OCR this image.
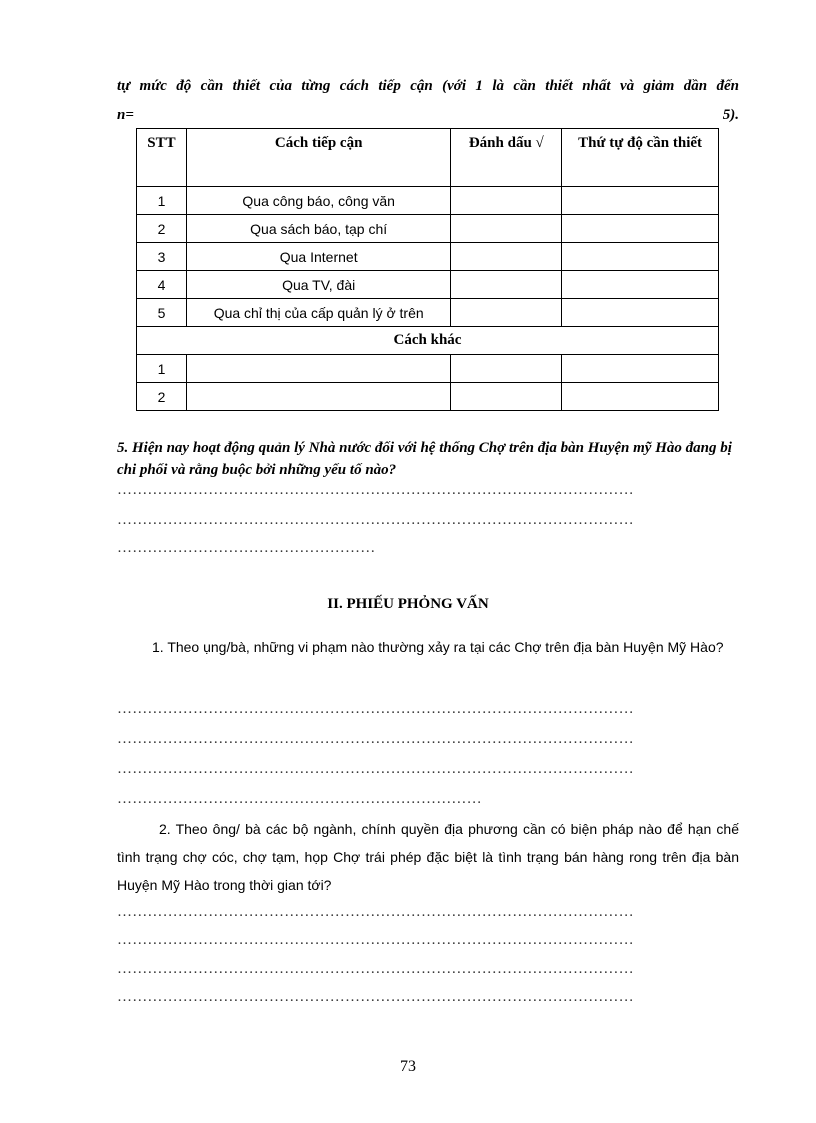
tự mức độ cần thiết của từng cách tiếp cận (với 1 là cần thiết nhất và giảm dần đến
n=	5).
STT	Cách tiếp cận	Đánh dấu √	Thứ tự độ cần thiết
1	Qua công báo, công văn		
2	Qua sách báo, tạp chí		
3	Qua Internet		
4	Qua TV, đài		
5	Qua chỉ thị của cấp quản lý ở trên		
Cách khác			
1			
2			
5. Hiện nay hoạt động quản lý Nhà nước đối với hệ thống Chợ trên địa bàn Huyện mỹ Hào đang bị chi phối và rằng buộc bởi những yếu tố nào?
…………………………………………………………………………………………
…………………………………………………………………………………………
……………………………………………
II. PHIẾU PHỎNG VẤN
1. Theo ụng/bà, những vi phạm nào thường xảy ra tại các Chợ trên địa bàn Huyện Mỹ Hào?
…………………………………………………………………………………………
…………………………………………………………………………………………
…………………………………………………………………………………………
………………………………………………………………
2. Theo ông/ bà các bộ ngành, chính quyền địa phương cần có biện pháp nào để hạn chế tình trạng chợ cóc, chợ tạm, họp Chợ trái phép đặc biệt là tình trạng bán hàng rong trên địa bàn Huyện Mỹ Hào trong thời gian tới?
…………………………………………………………………………………………
…………………………………………………………………………………………
…………………………………………………………………………………………
…………………………………………………………………………………………
73
